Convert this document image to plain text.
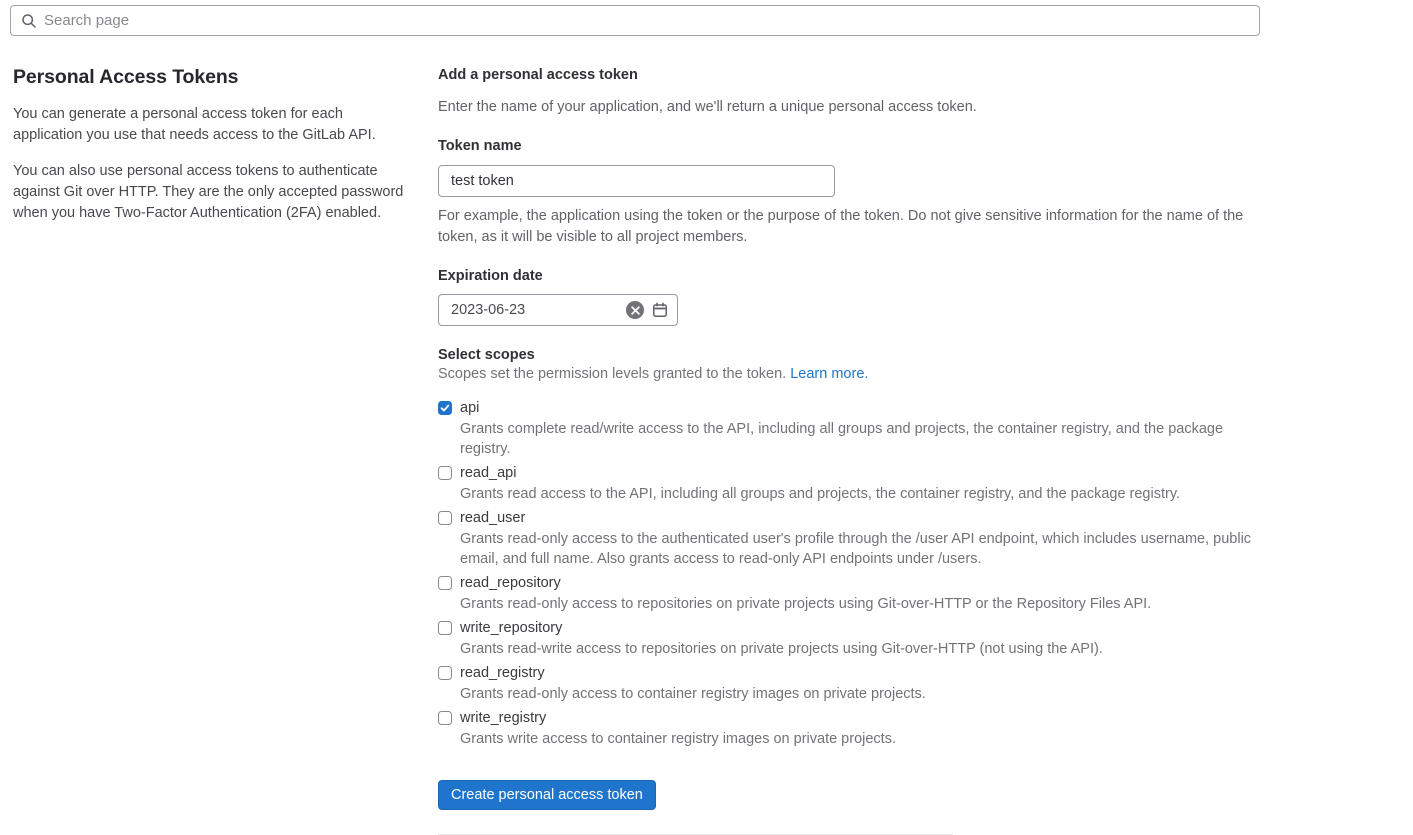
Search page
Personal Access Tokens

You can generate a personal access token for each application you use that needs access to the GitLab API.

You can also use personal access tokens to authenticate against Git over HTTP. They are the only accepted password when you have Two-Factor Authentication (2FA) enabled.

Add a personal access token
Enter the name of your application, and we'll return a unique personal access token.
Token name
test token
For example, the application using the token or the purpose of the token. Do not give sensitive information for the name of the token, as it will be visible to all project members.
Expiration date
2023-06-23
Select scopes
Scopes set the permission levels granted to the token. Learn more.
api
Grants complete read/write access to the API, including all groups and projects, the container registry, and the package registry.
read_api
Grants read access to the API, including all groups and projects, the container registry, and the package registry.
read_user
Grants read-only access to the authenticated user's profile through the /user API endpoint, which includes username, public email, and full name. Also grants access to read-only API endpoints under /users.
read_repository
Grants read-only access to repositories on private projects using Git-over-HTTP or the Repository Files API.
write_repository
Grants read-write access to repositories on private projects using Git-over-HTTP (not using the API).
read_registry
Grants read-only access to container registry images on private projects.
write_registry
Grants write access to container registry images on private projects.
Create personal access token
